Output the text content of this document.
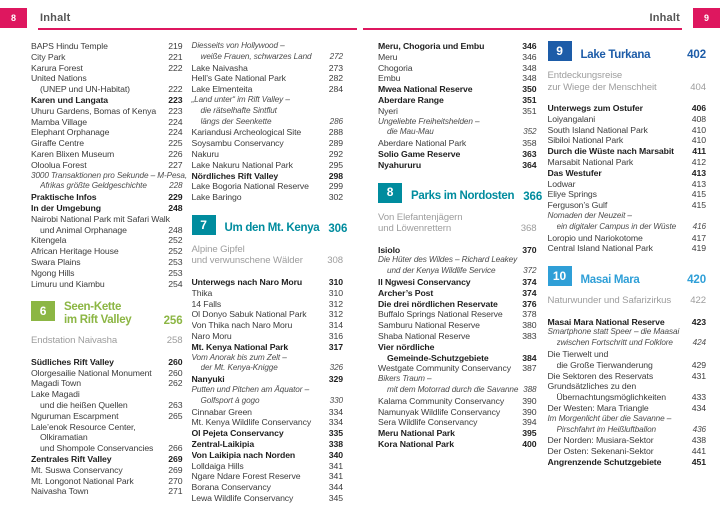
8	Inhalt	Inhalt	9
BAPS Hindu Temple	219
City Park	221
Karura Forest	222
United Nations
(UNEP und UN-Habitat)	222
Karen und Langata	223
Uhuru Gardens, Bomas of Kenya	223
Mamba Village	224
Elephant Orphanage	224
Giraffe Centre	225
Karen Blixen Museum	226
Oloolua Forest	227
3000 Transaktionen pro Sekunde – M-Pesa,
Afrikas größte Geldgeschichte	228
Praktische Infos	229
In der Umgebung	248
Nairobi National Park mit Safari Walk
und Animal Orphanage	248
Kitengela	252
African Heritage House	252
Swara Plains	253
Ngong Hills	253
Limuru und Kiambu	254
6	Seen-Kette
im Rift Valley	256
Endstation Naivasha	258
Südliches Rift Valley	260
Olorgesailie National Monument	260
Magadi Town	262
Lake Magadi
und die heißen Quellen	263
Nguruman Escarpment	265
Lale’enok Resource Center,
Olkiramatian
und Shompole Conservancies	266
Zentrales Rift Valley	269
Mt. Suswa Conservancy	269
Mt. Longonot National Park	270
Naivasha Town	271
Diesseits von Hollywood –
weiße Frauen, schwarzes Land	272
Lake Naivasha	273
Hell’s Gate National Park	282
Lake Elmenteita	284
„Land unter“ im Rift Valley –
die rätselhafte Sintflut
längs der Seenkette	286
Kariandusi Archeological Site	288
Soysambu Conservancy	289
Nakuru	292
Lake Nakuru National Park	295
Nördliches Rift Valley	298
Lake Bogoria National Reserve	299
Lake Baringo	302
7	Um den Mt. Kenya 306
Alpine Gipfel
und verwunschene Wälder	308
Unterwegs nach Naro Moru	310
Thika	310
14 Falls	312
Ol Donyo Sabuk National Park	312
Von Thika nach Naro Moru	314
Naro Moru	316
Mt. Kenya National Park	317
Vom Anorak bis zum Zelt –
der Mt. Kenya-Knigge	326
Nanyuki	329
Putten und Pitchen am Äquator –
Golfsport à gogo	330
Cinnabar Green	334
Mt. Kenya Wildlife Conservancy	334
Ol Pejeta Conservancy	335
Zentral-Laikipia	338
Von Laikipia nach Norden	340
Lolldaiga Hills	341
Ngare Ndare Forest Reserve	341
Borana Conservancy	344
Lewa Wildlife Conservancy	345
Meru, Chogoria und Embu	346
Meru	346
Chogoria	348
Embu	348
Mwea National Reserve	350
Aberdare Range	351
Nyeri	351
Ungeliebte Freiheitshelden –
die Mau-Mau	352
Aberdare National Park	358
Solio Game Reserve	363
Nyahururu	364
8	Parks im Nordosten 366
Von Elefantenjägern
und Löwenrettern	368
Isiolo	370
Die Hüter des Wildes – Richard Leakey
und der Kenya Wildlife Service	372
Il Ngwesi Conservancy	374
Archer’s Post	374
Die drei nördlichen Reservate	376
Buffalo Springs National Reserve	378
Samburu National Reserve	380
Shaba National Reserve	383
Vier nördliche
Gemeinde-Schutzgebiete	384
Westgate Community Conservancy	387
Bikers Traum –
mit dem Motorrad durch die Savanne 388
Kalama Community Conservancy	390
Namunyak Wildlife Conservancy	390
Sera Wildlife Conservancy	394
Meru National Park	395
Kora National Park	400
9	Lake Turkana	402
Entdeckungsreise
zur Wiege der Menschheit	404
Unterwegs zum Ostufer	406
Loiyangalani	408
South Island National Park	410
Sibiloi National Park	410
Durch die Wüste nach Marsabit	411
Marsabit National Park	412
Das Westufer	413
Lodwar	413
Eliye Springs	415
Ferguson’s Gulf	415
Nomaden der Neuzeit –
ein digitaler Campus in der Wüste	416
Loropio und Nariokotome	417
Central Island National Park	419
10	Masai Mara	420
Naturwunder und Safarizirkus	422
Masai Mara National Reserve	423
Smartphone statt Speer – die Maasai
zwischen Fortschritt und Folklore	424
Die Tierwelt und
die Große Tierwanderung	429
Die Sektoren des Reservats	431
Grundsätzliches zu den
Übernachtungsmöglichkeiten	433
Der Westen: Mara Triangle	434
Im Morgenlicht über die Savanne –
Pirschfahrt im Heißluftballon	436
Der Norden: Musiara-Sektor	438
Der Osten: Sekenani-Sektor	441
Angrenzende Schutzgebiete	451
